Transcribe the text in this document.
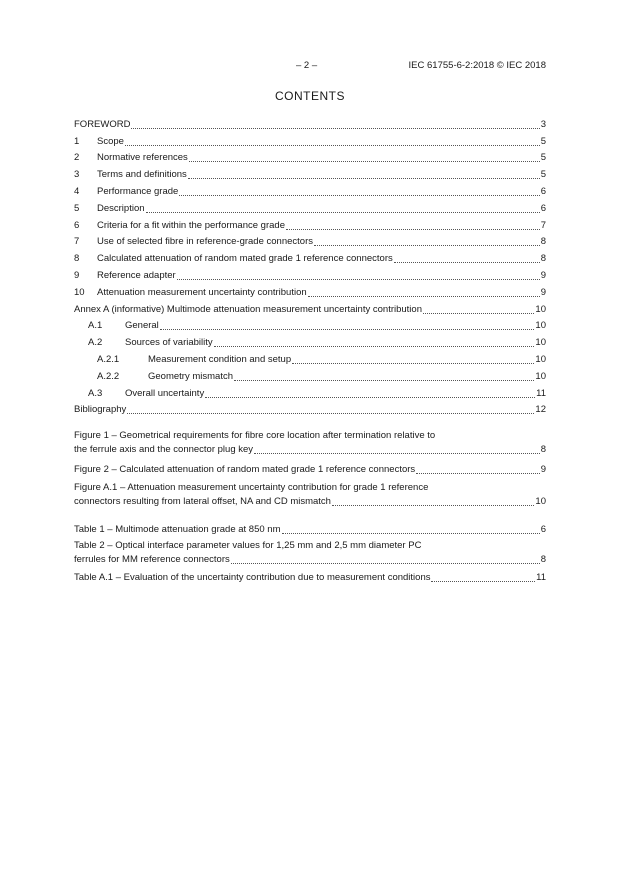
– 2 –	IEC 61755-6-2:2018 © IEC 2018
CONTENTS
FOREWORD	3
1	Scope	5
2	Normative references	5
3	Terms and definitions	5
4	Performance grade	6
5	Description	6
6	Criteria for a fit within the performance grade	7
7	Use of selected fibre in reference-grade connectors	8
8	Calculated attenuation of random mated grade 1 reference connectors	8
9	Reference adapter	9
10	Attenuation measurement uncertainty contribution	9
Annex A (informative) Multimode attenuation measurement uncertainty contribution	10
A.1	General	10
A.2	Sources of variability	10
A.2.1	Measurement condition and setup	10
A.2.2	Geometry mismatch	10
A.3	Overall uncertainty	11
Bibliography	12
Figure 1 – Geometrical requirements for fibre core location after termination relative to
the ferrule axis and the connector plug key	8
Figure 2 – Calculated attenuation of random mated grade 1 reference connectors	9
Figure A.1 – Attenuation measurement uncertainty contribution for grade 1 reference
connectors resulting from lateral offset, NA and CD mismatch	10
Table 1 – Multimode attenuation grade at 850 nm	6
Table 2 – Optical interface parameter values for 1,25 mm and 2,5 mm diameter PC
ferrules for MM reference connectors	8
Table A.1 – Evaluation of the uncertainty contribution due to measurement conditions	11
